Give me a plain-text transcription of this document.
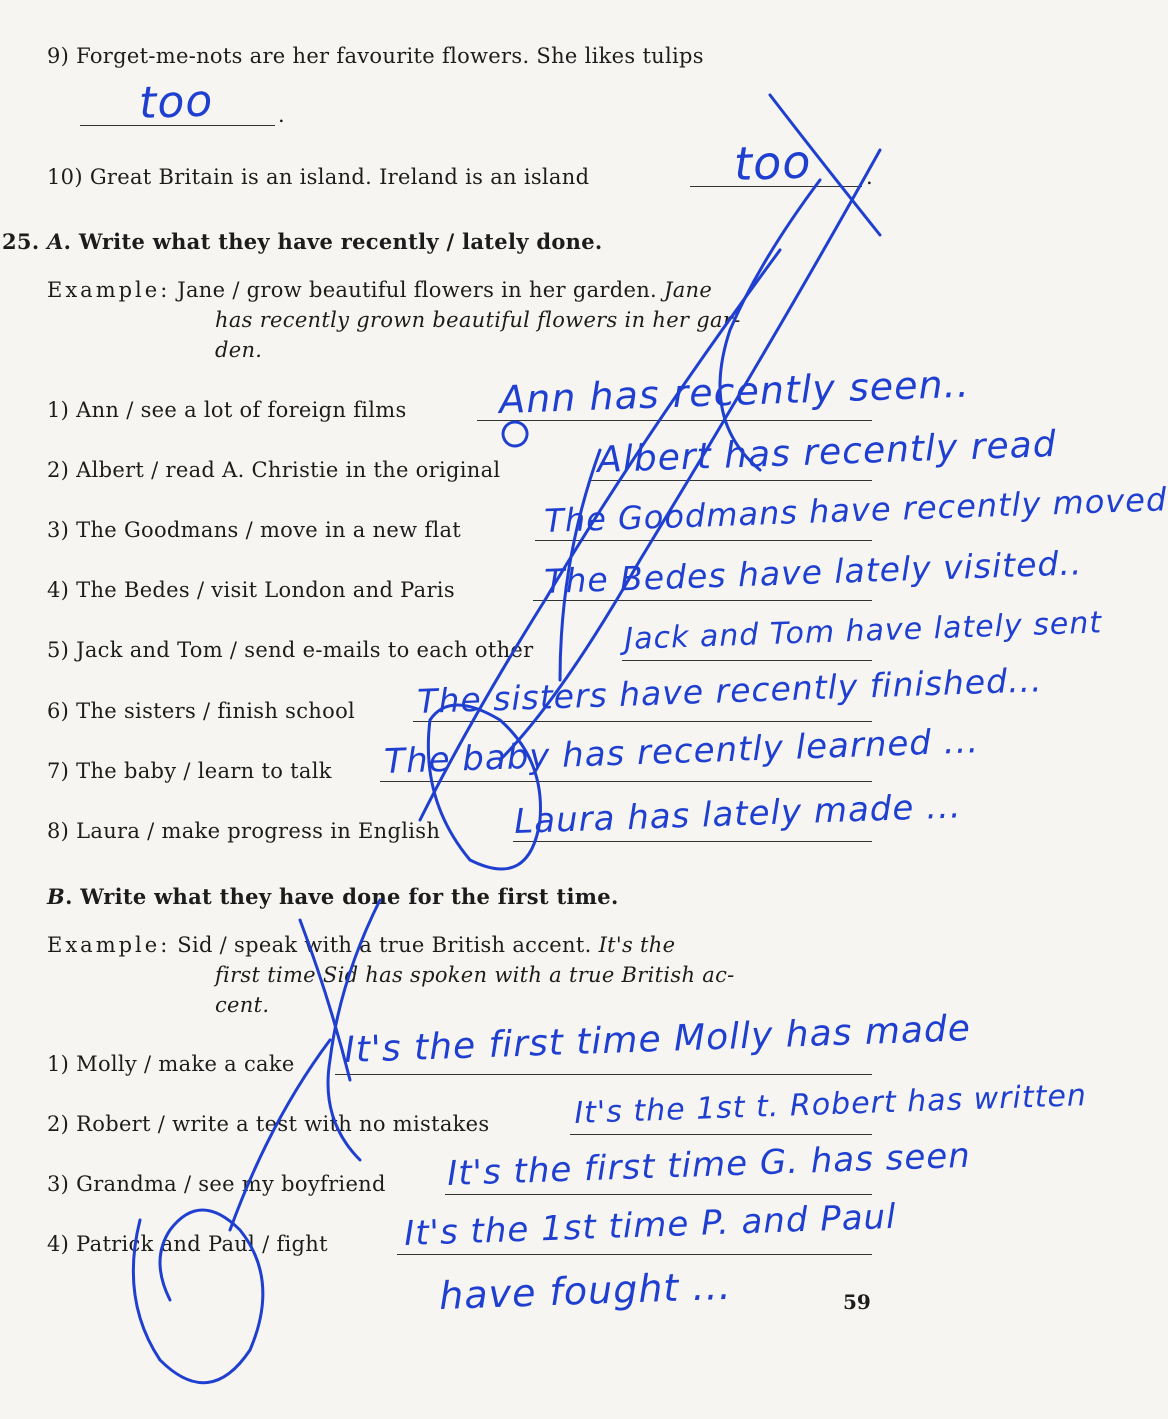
9) Forget-me-nots are her favourite flowers. She likes tulips
.
too
10) Great Britain is an island. Ireland is an island	.
too
25. A. Write what they have recently / lately done.
Example: Jane / grow beautiful flowers in her garden. Jane
has recently grown beautiful flowers in her gar-
den.
1) Ann / see a lot of foreign films Ann has recently seen..
2) Albert / read A. Christie in the original	Albert has recently read
3) The Goodmans / move in a new flat	The Goodmans have recently moved
4) The Bedes / visit London and Paris	The Bedes have lately visited..
5) Jack and Tom / send e-mails to each other	Jack and Tom have lately sent
6) The sisters / finish school The sisters have recently finished...
7) The baby / learn to talk The baby has recently learned ...
8) Laura / make progress in English Laura has lately made ...
B. Write what they have done for the first time.
Example: Sid / speak with a true British accent. It's the
first time Sid has spoken with a true British ac-
cent.
1) Molly / make a cake It's the first time Molly has made
2) Robert / write a test with no mistakes	It's the 1st t. Robert has written
3) Grandma / see my boyfriend It's the first time G. has seen
4) Patrick and Paul / fight It's the 1st time P. and Paul
have fought ...	59
